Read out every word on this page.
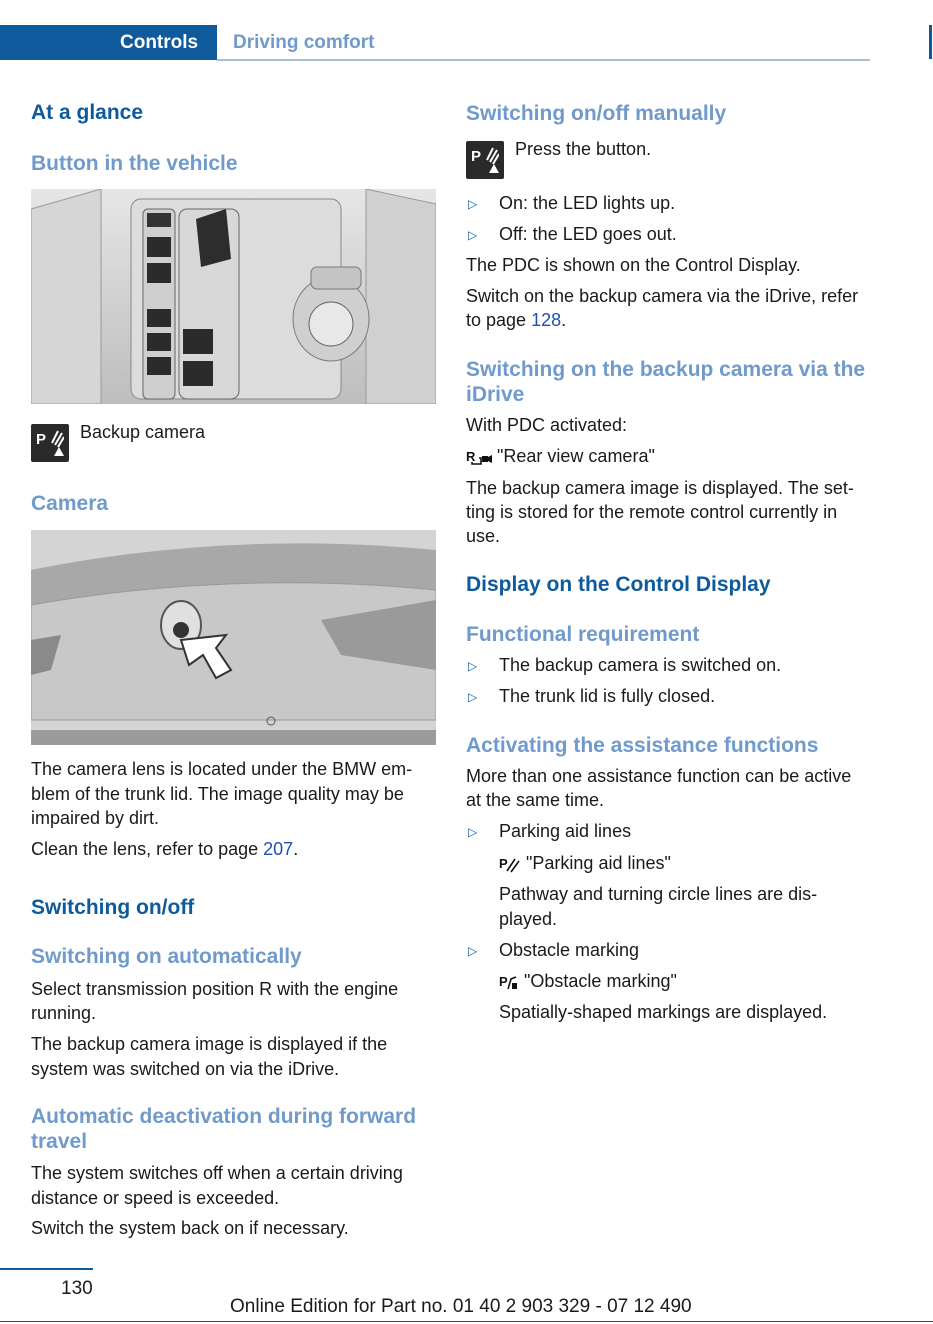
Controls	Driving comfort
At a glance
Button in the vehicle
P Backup camera
Camera
The camera lens is located under the BMW em-
blem of the trunk lid. The image quality may be
impaired by dirt.
Clean the lens, refer to page 207.
Switching on/off
Switching on automatically
Select transmission position R with the engine
running.
The backup camera image is displayed if the
system was switched on via the iDrive.
Automatic deactivation during forward
travel
The system switches off when a certain driving
distance or speed is exceeded.
Switch the system back on if necessary.
Switching on/off manually
P Press the button.
▷ On: the LED lights up.
▷ Off: the LED goes out.
The PDC is shown on the Control Display.
Switch on the backup camera via the iDrive, refer
to page 128.
Switching on the backup camera via the
iDrive
With PDC activated:
R "Rear view camera"
The backup camera image is displayed. The set-
ting is stored for the remote control currently in
use.
Display on the Control Display
Functional requirement
▷ The backup camera is switched on.
▷ The trunk lid is fully closed.
Activating the assistance functions
More than one assistance function can be active
at the same time.
▷ Parking aid lines
P "Parking aid lines"
Pathway and turning circle lines are dis-
played.
▷ Obstacle marking
P "Obstacle marking"
Spatially-shaped markings are displayed.
130
Online Edition for Part no. 01 40 2 903 329 - 07 12 490
